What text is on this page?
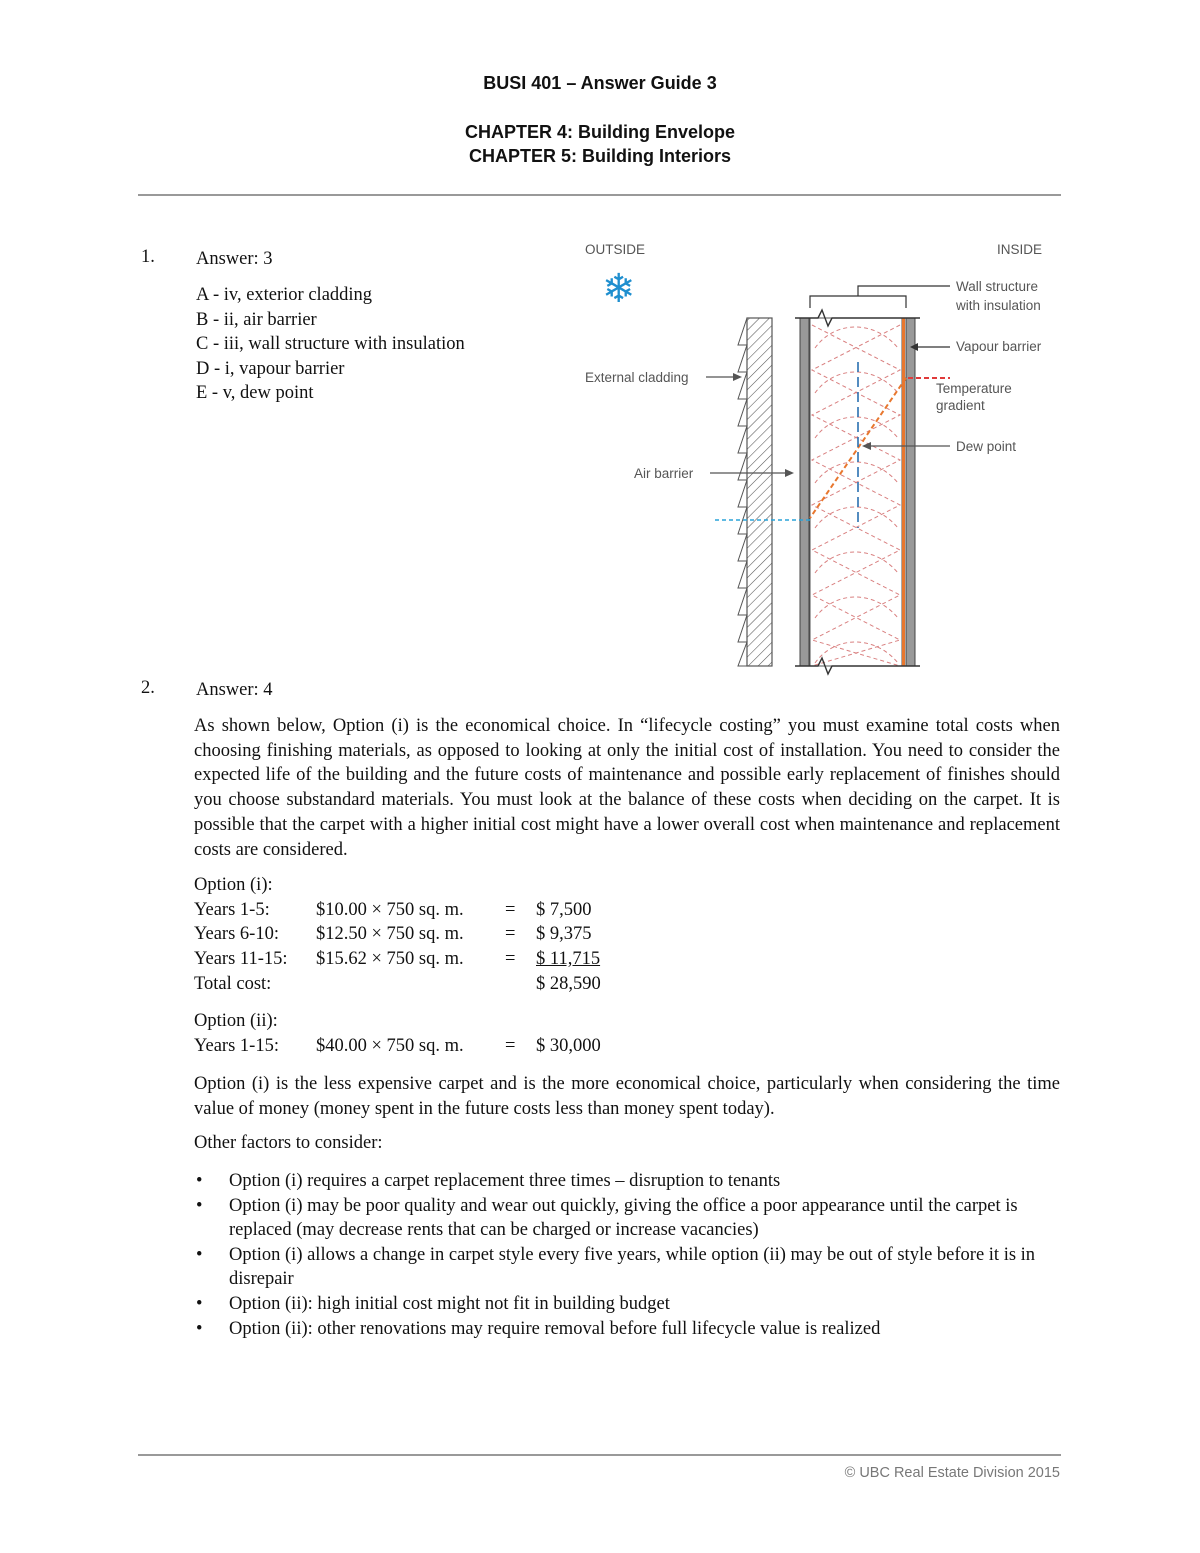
BUSI 401 – Answer Guide 3
CHAPTER 4: Building Envelope
CHAPTER 5: Building Interiors
1. Answer: 3
A - iv, exterior cladding
B - ii, air barrier
C - iii, wall structure with insulation
D - i, vapour barrier
E - v, dew point
OUTSIDE	INSIDE
❄	Wall structure
with insulation
Vapour barrier
Temperature
gradient
Dew point
External cladding
Air barrier
2. Answer: 4
As shown below, Option (i) is the economical choice. In “lifecycle costing” you must examine total costs when choosing finishing materials, as opposed to looking at only the initial cost of installation. You need to consider the expected life of the building and the future costs of maintenance and possible early replacement of finishes should you choose substandard materials. You must look at the balance of these costs when deciding on the carpet. It is possible that the carpet with a higher initial cost might have a lower overall cost when maintenance and replacement costs are considered.
Option (i):
Years 1-5:	$10.00 × 750 sq. m. = $ 7,500
Years 6-10: $12.50 × 750 sq. m. = $ 9,375
Years 11-15: $15.62 × 750 sq. m. = $ 11,715
Total cost:	$ 28,590
Option (ii):
Years 1-15: $40.00 × 750 sq. m. = $ 30,000
Option (i) is the less expensive carpet and is the more economical choice, particularly when considering the time value of money (money spent in the future costs less than money spent today).
Other factors to consider:
• Option (i) requires a carpet replacement three times – disruption to tenants
• Option (i) may be poor quality and wear out quickly, giving the office a poor appearance until the carpet is replaced (may decrease rents that can be charged or increase vacancies)
• Option (i) allows a change in carpet style every five years, while option (ii) may be out of style before it is in disrepair
• Option (ii): high initial cost might not fit in building budget
• Option (ii): other renovations may require removal before full lifecycle value is realized
© UBC Real Estate Division 2015
